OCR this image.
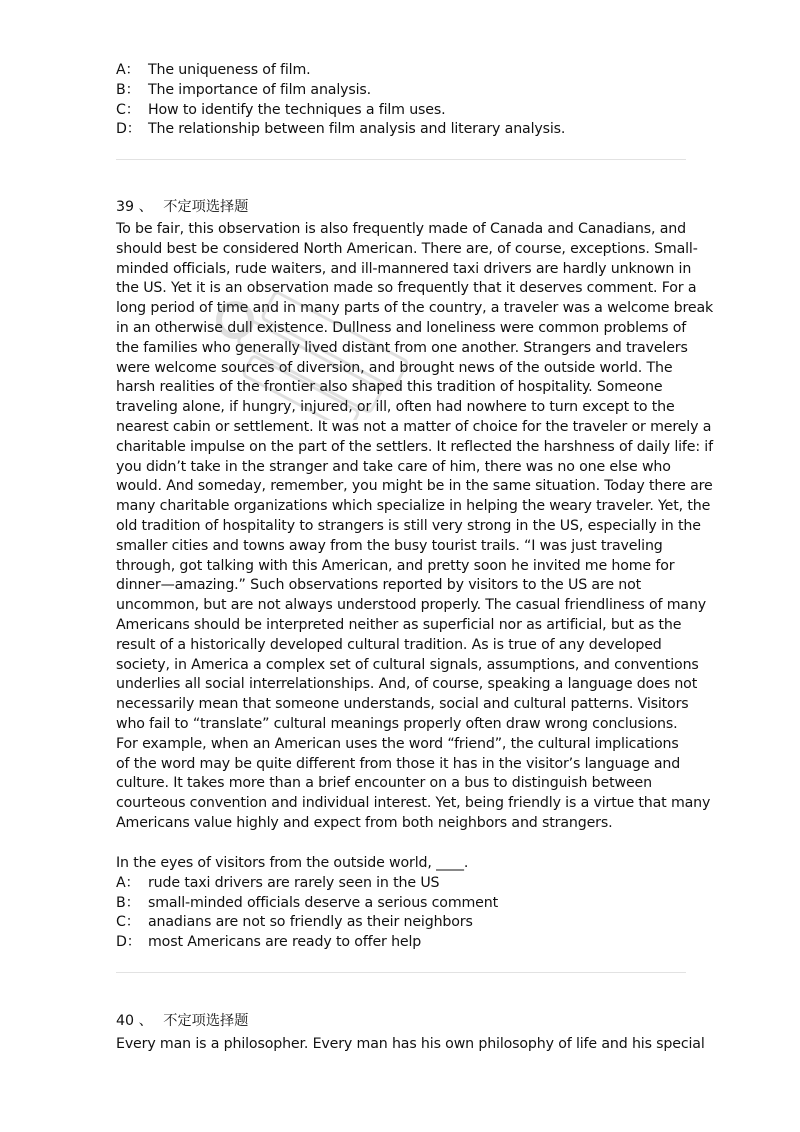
A： The uniqueness of film.
B： The importance of film analysis.
C： How to identify the techniques a film uses.
D： The relationship between film analysis and literary analysis.
39 、 不定项选择题
To be fair, this observation is also frequently made of Canada and Canadians, and
should best be considered North American. There are, of course, exceptions. Small-
minded officials, rude waiters, and ill-mannered taxi drivers are hardly unknown in
the US. Yet it is an observation made so frequently that it deserves comment. For a
long period of time and in many parts of the country, a traveler was a welcome break
in an otherwise dull existence. Dullness and loneliness were common problems of
the families who generally lived distant from one another. Strangers and travelers
were welcome sources of diversion, and brought news of the outside world. The
harsh realities of the frontier also shaped this tradition of hospitality. Someone
traveling alone, if hungry, injured, or ill, often had nowhere to turn except to the
nearest cabin or settlement. It was not a matter of choice for the traveler or merely a
charitable impulse on the part of the settlers. It reflected the harshness of daily life: if
you didn’t take in the stranger and take care of him, there was no one else who
would. And someday, remember, you might be in the same situation. Today there are
many charitable organizations which specialize in helping the weary traveler. Yet, the
old tradition of hospitality to strangers is still very strong in the US, especially in the
smaller cities and towns away from the busy tourist trails. “I was just traveling
through, got talking with this American, and pretty soon he invited me home for
dinner—amazing.” Such observations reported by visitors to the US are not
uncommon, but are not always understood properly. The casual friendliness of many
Americans should be interpreted neither as superficial nor as artificial, but as the
result of a historically developed cultural tradition. As is true of any developed
society, in America a complex set of cultural signals, assumptions, and conventions
underlies all social interrelationships. And, of course, speaking a language does not
necessarily mean that someone understands, social and cultural patterns. Visitors
who fail to “translate” cultural meanings properly often draw wrong conclusions.
For example, when an American uses the word “friend”, the cultural implications
of the word may be quite different from those it has in the visitor’s language and
culture. It takes more than a brief encounter on a bus to distinguish between
courteous convention and individual interest. Yet, being friendly is a virtue that many
Americans value highly and expect from both neighbors and strangers.
In the eyes of visitors from the outside world, ____.
A： rude taxi drivers are rarely seen in the US
B： small-minded officials deserve a serious comment
C： anadians are not so friendly as their neighbors
D： most Americans are ready to offer help
40 、 不定项选择题
Every man is a philosopher. Every man has his own philosophy of life and his special
